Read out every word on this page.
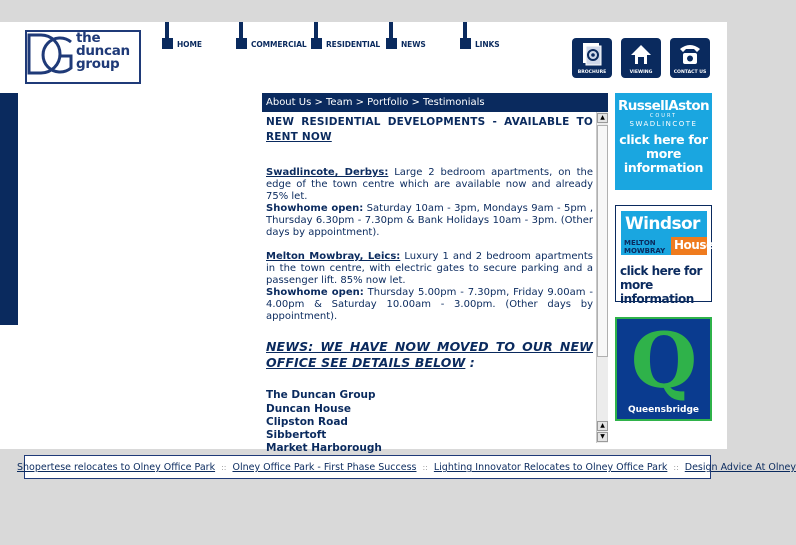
the
duncan
group
HOME	COMMERCIAL	RESIDENTIAL	NEWS	LINKS
BROCHURE	VIEWING	CONTACT US
About Us > Team > Portfolio > Testimonials

NEW RESIDENTIAL DEVELOPMENTS - AVAILABLE TO RENT NOW

Swadlincote, Derbys: Large 2 bedroom apartments, on the edge of the town centre which are available now and already 75% let.
Showhome open: Saturday 10am - 3pm, Mondays 9am - 5pm , Thursday 6.30pm - 7.30pm & Bank Holidays 10am - 3pm. (Other days by appointment).

Melton Mowbray, Leics: Luxury 1 and 2 bedroom apartments in the town centre, with electric gates to secure parking and a passenger lift. 85% now let.
Showhome open: Thursday 5.00pm - 7.30pm, Friday 9.00am - 4.00pm & Saturday 10.00am - 3.00pm. (Other days by appointment).

NEWS: WE HAVE NOW MOVED TO OUR NEW OFFICE SEE DETAILS BELOW :

The Duncan Group

Duncan House

Clipston Road

Sibbertoft

Market Harborough

▲
▲
▼
RussellAston
COURT
SWADLINCOTE
click here for more information
Windsor
MELTON
MOWBRAY House
click here for more information
Q
Queensbridge
Shopertese relocates to Olney Office Park :: Olney Office Park - First Phase Success :: Lighting Innovator Relocates to Olney Office Park :: Design Advice At Olney
